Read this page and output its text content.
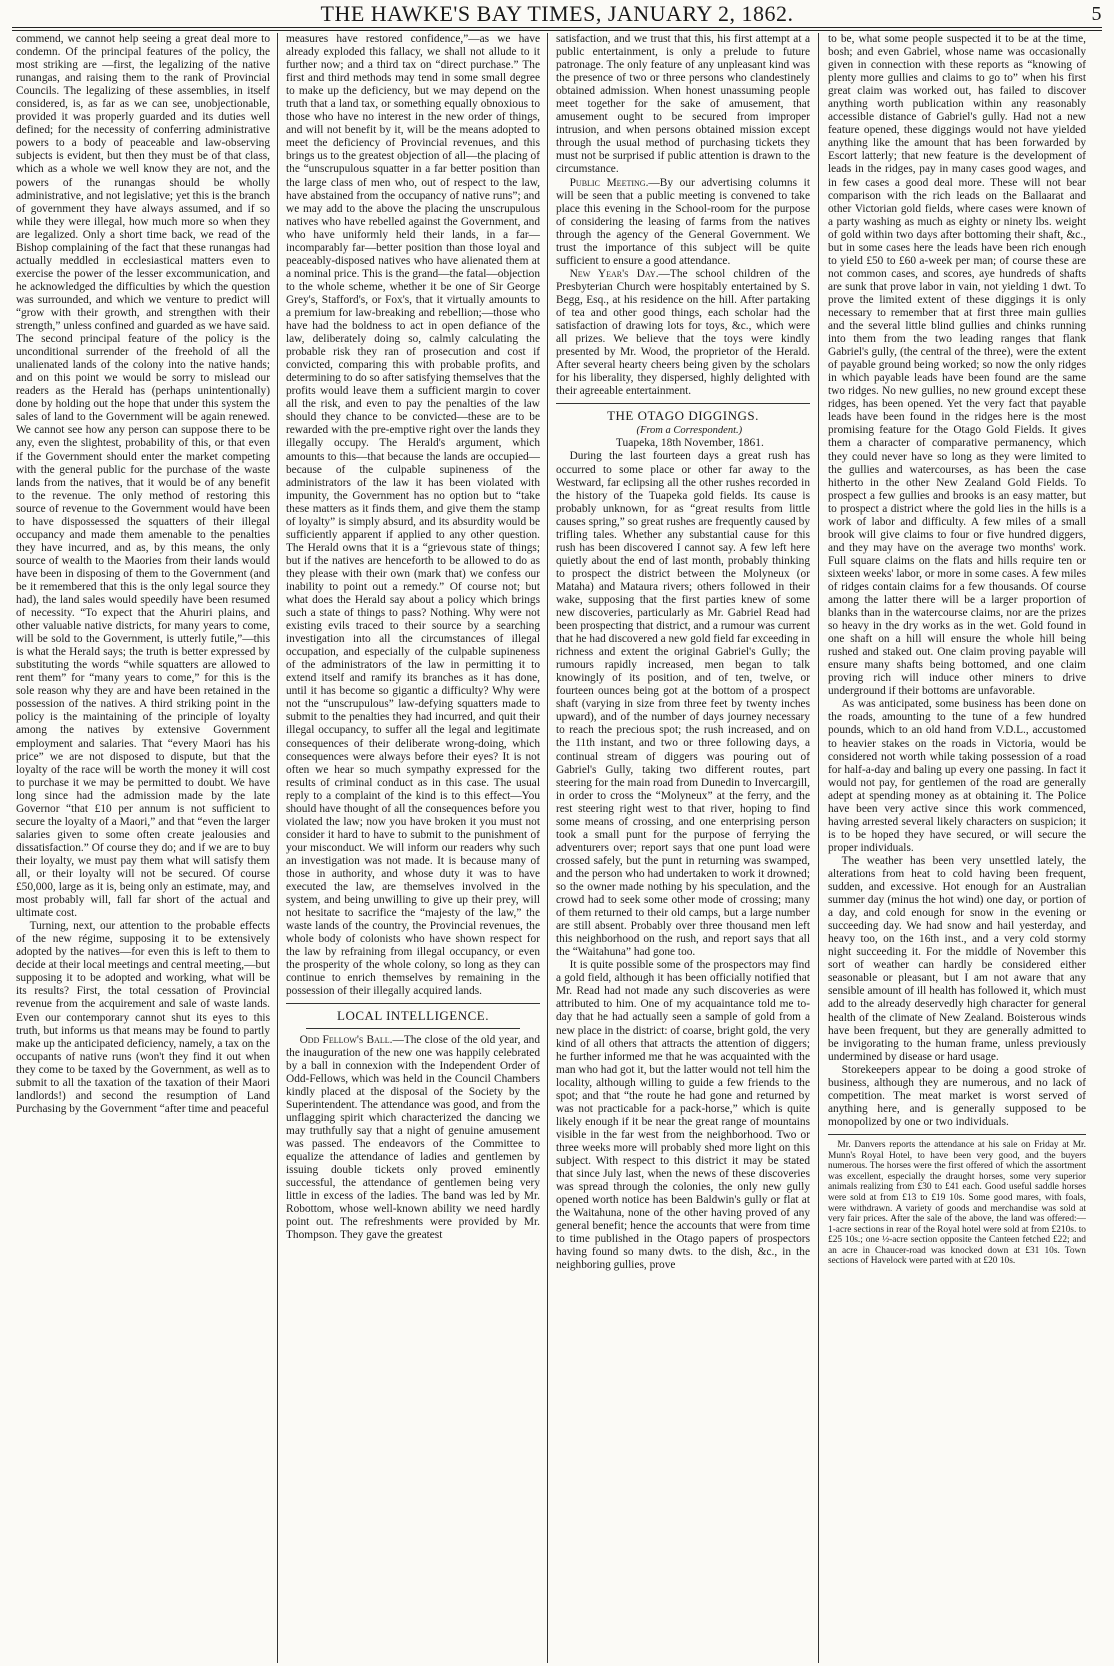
THE HAWKE'S BAY TIMES, JANUARY 2, 1862.	5

commend, we cannot help seeing a great deal more to condemn. Of the principal features of the policy, the most striking are —first, the legalizing of the native runangas, and raising them to the rank of Provincial Councils. The legalizing of these assemblies, in itself considered, is, as far as we can see, unobjectionable, provided it was properly guarded and its duties well defined; for the necessity of conferring administrative powers to a body of peaceable and law-observing subjects is evident, but then they must be of that class, which as a whole we well know they are not, and the powers of the runangas should be wholly administrative, and not legislative; yet this is the branch of government they have always assumed, and if so while they were illegal, how much more so when they are legalized. Only a short time back, we read of the Bishop complaining of the fact that these runangas had actually meddled in ecclesiastical matters even to exercise the power of the lesser excommunication, and he acknowledged the difficulties by which the question was surrounded, and which we venture to predict will “grow with their growth, and strengthen with their strength,” unless confined and guarded as we have said. The second principal feature of the policy is the unconditional surrender of the freehold of all the unalienated lands of the colony into the native hands; and on this point we would be sorry to mislead our readers as the Herald has (perhaps unintentionally) done by holding out the hope that under this system the sales of land to the Government will be again renewed. We cannot see how any person can suppose there to be any, even the slightest, probability of this, or that even if the Government should enter the market competing with the general public for the purchase of the waste lands from the natives, that it would be of any benefit to the revenue. The only method of restoring this source of revenue to the Government would have been to have dispossessed the squatters of their illegal occupancy and made them amenable to the penalties they have incurred, and as, by this means, the only source of wealth to the Maories from their lands would have been in disposing of them to the Government (and be it remembered that this is the only legal source they had), the land sales would speedily have been resumed of necessity. “To expect that the Ahuriri plains, and other valuable native districts, for many years to come, will be sold to the Government, is utterly futile,”—this is what the Herald says; the truth is better expressed by substituting the words “while squatters are allowed to rent them” for “many years to come,” for this is the sole reason why they are and have been retained in the possession of the natives. A third striking point in the policy is the maintaining of the principle of loyalty among the natives by extensive Government employment and salaries. That “every Maori has his price” we are not disposed to dispute, but that the loyalty of the race will be worth the money it will cost to purchase it we may be permitted to doubt. We have long since had the admission made by the late Governor “that £10 per annum is not sufficient to secure the loyalty of a Maori,” and that “even the larger salaries given to some often create jealousies and dissatisfaction.” Of course they do; and if we are to buy their loyalty, we must pay them what will satisfy them all, or their loyalty will not be secured. Of course £50,000, large as it is, being only an estimate, may, and most probably will, fall far short of the actual and ultimate cost.

Turning, next, our attention to the probable effects of the new régime, supposing it to be extensively adopted by the natives—for even this is left to them to decide at their local meetings and central meeting,—but supposing it to be adopted and working, what will be its results? First, the total cessation of Provincial revenue from the acquirement and sale of waste lands. Even our contemporary cannot shut its eyes to this truth, but informs us that means may be found to partly make up the anticipated deficiency, namely, a tax on the occupants of native runs (won't they find it out when they come to be taxed by the Government, as well as to submit to all the taxation of the taxation of their Maori landlords!) and second the resumption of Land Purchasing by the Government “after time and peaceful

measures have restored confidence,”—as we have already exploded this fallacy, we shall not allude to it further now; and a third tax on “direct purchase.” The first and third methods may tend in some small degree to make up the deficiency, but we may depend on the truth that a land tax, or something equally obnoxious to those who have no interest in the new order of things, and will not benefit by it, will be the means adopted to meet the deficiency of Provincial revenues, and this brings us to the greatest objection of all—the placing of the “unscrupulous squatter in a far better position than the large class of men who, out of respect to the law, have abstained from the occupancy of native runs”; and we may add to the above the placing the unscrupulous natives who have rebelled against the Government, and who have uniformly held their lands, in a far—incomparably far—better position than those loyal and peaceably-disposed natives who have alienated them at a nominal price. This is the grand—the fatal—objection to the whole scheme, whether it be one of Sir George Grey's, Stafford's, or Fox's, that it virtually amounts to a premium for law-breaking and rebellion;—those who have had the boldness to act in open defiance of the law, deliberately doing so, calmly calculating the probable risk they ran of prosecution and cost if convicted, comparing this with probable profits, and determining to do so after satisfying themselves that the profits would leave them a sufficient margin to cover all the risk, and even to pay the penalties of the law should they chance to be convicted—these are to be rewarded with the pre-emptive right over the lands they illegally occupy. The Herald's argument, which amounts to this—that because the lands are occupied—because of the culpable supineness of the administrators of the law it has been violated with impunity, the Government has no option but to “take these matters as it finds them, and give them the stamp of loyalty” is simply absurd, and its absurdity would be sufficiently apparent if applied to any other question. The Herald owns that it is a “grievous state of things; but if the natives are henceforth to be allowed to do as they please with their own (mark that) we confess our inability to point out a remedy.” Of course not; but what does the Herald say about a policy which brings such a state of things to pass? Nothing. Why were not existing evils traced to their source by a searching investigation into all the circumstances of illegal occupation, and especially of the culpable supineness of the administrators of the law in permitting it to extend itself and ramify its branches as it has done, until it has become so gigantic a difficulty? Why were not the “unscrupulous” law-defying squatters made to submit to the penalties they had incurred, and quit their illegal occupancy, to suffer all the legal and legitimate consequences of their deliberate wrong-doing, which consequences were always before their eyes? It is not often we hear so much sympathy expressed for the results of criminal conduct as in this case. The usual reply to a complaint of the kind is to this effect—You should have thought of all the consequences before you violated the law; now you have broken it you must not consider it hard to have to submit to the punishment of your misconduct. We will inform our readers why such an investigation was not made. It is because many of those in authority, and whose duty it was to have executed the law, are themselves involved in the system, and being unwilling to give up their prey, will not hesitate to sacrifice the “majesty of the law,” the waste lands of the country, the Provincial revenues, the whole body of colonists who have shown respect for the law by refraining from illegal occupancy, or even the prosperity of the whole colony, so long as they can continue to enrich themselves by remaining in the possession of their illegally acquired lands.

LOCAL INTELLIGENCE.

Odd Fellow's Ball.—The close of the old year, and the inauguration of the new one was happily celebrated by a ball in connexion with the Independent Order of Odd-Fellows, which was held in the Council Chambers kindly placed at the disposal of the Society by the Superintendent. The attendance was good, and from the unflagging spirit which characterized the dancing we may truthfully say that a night of genuine amusement was passed. The endeavors of the Committee to equalize the attendance of ladies and gentlemen by issuing double tickets only proved eminently successful, the attendance of gentlemen being very little in excess of the ladies. The band was led by Mr. Robottom, whose well-known ability we need hardly point out. The refreshments were provided by Mr. Thompson. They gave the greatest

satisfaction, and we trust that this, his first attempt at a public entertainment, is only a prelude to future patronage. The only feature of any unpleasant kind was the presence of two or three persons who clandestinely obtained admission. When honest unassuming people meet together for the sake of amusement, that amusement ought to be secured from improper intrusion, and when persons obtained mission except through the usual method of purchasing tickets they must not be surprised if public attention is drawn to the circumstance.

Public Meeting.—By our advertising columns it will be seen that a public meeting is convened to take place this evening in the School-room for the purpose of considering the leasing of farms from the natives through the agency of the General Government. We trust the importance of this subject will be quite sufficient to ensure a good attendance.

New Year's Day.—The school children of the Presbyterian Church were hospitably entertained by S. Begg, Esq., at his residence on the hill. After partaking of tea and other good things, each scholar had the satisfaction of drawing lots for toys, &c., which were all prizes. We believe that the toys were kindly presented by Mr. Wood, the proprietor of the Herald. After several hearty cheers being given by the scholars for his liberality, they dispersed, highly delighted with their agreeable entertainment.

THE OTAGO DIGGINGS.

(From a Correspondent.)

Tuapeka, 18th November, 1861.

During the last fourteen days a great rush has occurred to some place or other far away to the Westward, far eclipsing all the other rushes recorded in the history of the Tuapeka gold fields. Its cause is probably unknown, for as “great results from little causes spring,” so great rushes are frequently caused by trifling tales. Whether any substantial cause for this rush has been discovered I cannot say. A few left here quietly about the end of last month, probably thinking to prospect the district between the Molyneux (or Mataha) and Mataura rivers; others followed in their wake, supposing that the first parties knew of some new discoveries, particularly as Mr. Gabriel Read had been prospecting that district, and a rumour was current that he had discovered a new gold field far exceeding in richness and extent the original Gabriel's Gully; the rumours rapidly increased, men began to talk knowingly of its position, and of ten, twelve, or fourteen ounces being got at the bottom of a prospect shaft (varying in size from three feet by twenty inches upward), and of the number of days journey necessary to reach the precious spot; the rush increased, and on the 11th instant, and two or three following days, a continual stream of diggers was pouring out of Gabriel's Gully, taking two different routes, part steering for the main road from Dunedin to Invercargill, in order to cross the “Molyneux” at the ferry, and the rest steering right west to that river, hoping to find some means of crossing, and one enterprising person took a small punt for the purpose of ferrying the adventurers over; report says that one punt load were crossed safely, but the punt in returning was swamped, and the person who had undertaken to work it drowned; so the owner made nothing by his speculation, and the crowd had to seek some other mode of crossing; many of them returned to their old camps, but a large number are still absent. Probably over three thousand men left this neighborhood on the rush, and report says that all the “Waitahuna” had gone too.

It is quite possible some of the prospectors may find a gold field, although it has been officially notified that Mr. Read had not made any such discoveries as were attributed to him. One of my acquaintance told me to-day that he had actually seen a sample of gold from a new place in the district: of coarse, bright gold, the very kind of all others that attracts the attention of diggers; he further informed me that he was acquainted with the man who had got it, but the latter would not tell him the locality, although willing to guide a few friends to the spot; and that “the route he had gone and returned by was not practicable for a pack-horse,” which is quite likely enough if it be near the great range of mountains visible in the far west from the neighborhood. Two or three weeks more will probably shed more light on this subject. With respect to this district it may be stated that since July last, when the news of these discoveries was spread through the colonies, the only new gully opened worth notice has been Baldwin's gully or flat at the Waitahuna, none of the other having proved of any general benefit; hence the accounts that were from time to time published in the Otago papers of prospectors having found so many dwts. to the dish, &c., in the neighboring gullies, prove

to be, what some people suspected it to be at the time, bosh; and even Gabriel, whose name was occasionally given in connection with these reports as “knowing of plenty more gullies and claims to go to” when his first great claim was worked out, has failed to discover anything worth publication within any reasonably accessible distance of Gabriel's gully. Had not a new feature opened, these diggings would not have yielded anything like the amount that has been forwarded by Escort latterly; that new feature is the development of leads in the ridges, pay in many cases good wages, and in few cases a good deal more. These will not bear comparison with the rich leads on the Ballaarat and other Victorian gold fields, where cases were known of a party washing as much as eighty or ninety lbs. weight of gold within two days after bottoming their shaft, &c., but in some cases here the leads have been rich enough to yield £50 to £60 a-week per man; of course these are not common cases, and scores, aye hundreds of shafts are sunk that prove labor in vain, not yielding 1 dwt. To prove the limited extent of these diggings it is only necessary to remember that at first three main gullies and the several little blind gullies and chinks running into them from the two leading ranges that flank Gabriel's gully, (the central of the three), were the extent of payable ground being worked; so now the only ridges in which payable leads have been found are the same two ridges. No new gullies, no new ground except these ridges, has been opened. Yet the very fact that payable leads have been found in the ridges here is the most promising feature for the Otago Gold Fields. It gives them a character of comparative permanency, which they could never have so long as they were limited to the gullies and watercourses, as has been the case hitherto in the other New Zealand Gold Fields. To prospect a few gullies and brooks is an easy matter, but to prospect a district where the gold lies in the hills is a work of labor and difficulty. A few miles of a small brook will give claims to four or five hundred diggers, and they may have on the average two months' work. Full square claims on the flats and hills require ten or sixteen weeks' labor, or more in some cases. A few miles of ridges contain claims for a few thousands. Of course among the latter there will be a larger proportion of blanks than in the watercourse claims, nor are the prizes so heavy in the dry works as in the wet. Gold found in one shaft on a hill will ensure the whole hill being rushed and staked out. One claim proving payable will ensure many shafts being bottomed, and one claim proving rich will induce other miners to drive underground if their bottoms are unfavorable.

As was anticipated, some business has been done on the roads, amounting to the tune of a few hundred pounds, which to an old hand from V.D.L., accustomed to heavier stakes on the roads in Victoria, would be considered not worth while taking possession of a road for half-a-day and baling up every one passing. In fact it would not pay, for gentlemen of the road are generally adept at spending money as at obtaining it. The Police have been very active since this work commenced, having arrested several likely characters on suspicion; it is to be hoped they have secured, or will secure the proper individuals.

The weather has been very unsettled lately, the alterations from heat to cold having been frequent, sudden, and excessive. Hot enough for an Australian summer day (minus the hot wind) one day, or portion of a day, and cold enough for snow in the evening or succeeding day. We had snow and hail yesterday, and heavy too, on the 16th inst., and a very cold stormy night succeeding it. For the middle of November this sort of weather can hardly be considered either seasonable or pleasant, but I am not aware that any sensible amount of ill health has followed it, which must add to the already deservedly high character for general health of the climate of New Zealand. Boisterous winds have been frequent, but they are generally admitted to be invigorating to the human frame, unless previously undermined by disease or hard usage.

Storekeepers appear to be doing a good stroke of business, although they are numerous, and no lack of competition. The meat market is worst served of anything here, and is generally supposed to be monopolized by one or two individuals.

Mr. Danvers reports the attendance at his sale on Friday at Mr. Munn's Royal Hotel, to have been very good, and the buyers numerous. The horses were the first offered of which the assortment was excellent, especially the draught horses, some very superior animals realizing from £30 to £41 each. Good useful saddle horses were sold at from £13 to £19 10s. Some good mares, with foals, were withdrawn. A variety of goods and merchandise was sold at very fair prices. After the sale of the above, the land was offered:—1-acre sections in rear of the Royal hotel were sold at from £210s. to £25 10s.; one ½-acre section opposite the Canteen fetched £22; and an acre in Chaucer-road was knocked down at £31 10s. Town sections of Havelock were parted with at £20 10s.
